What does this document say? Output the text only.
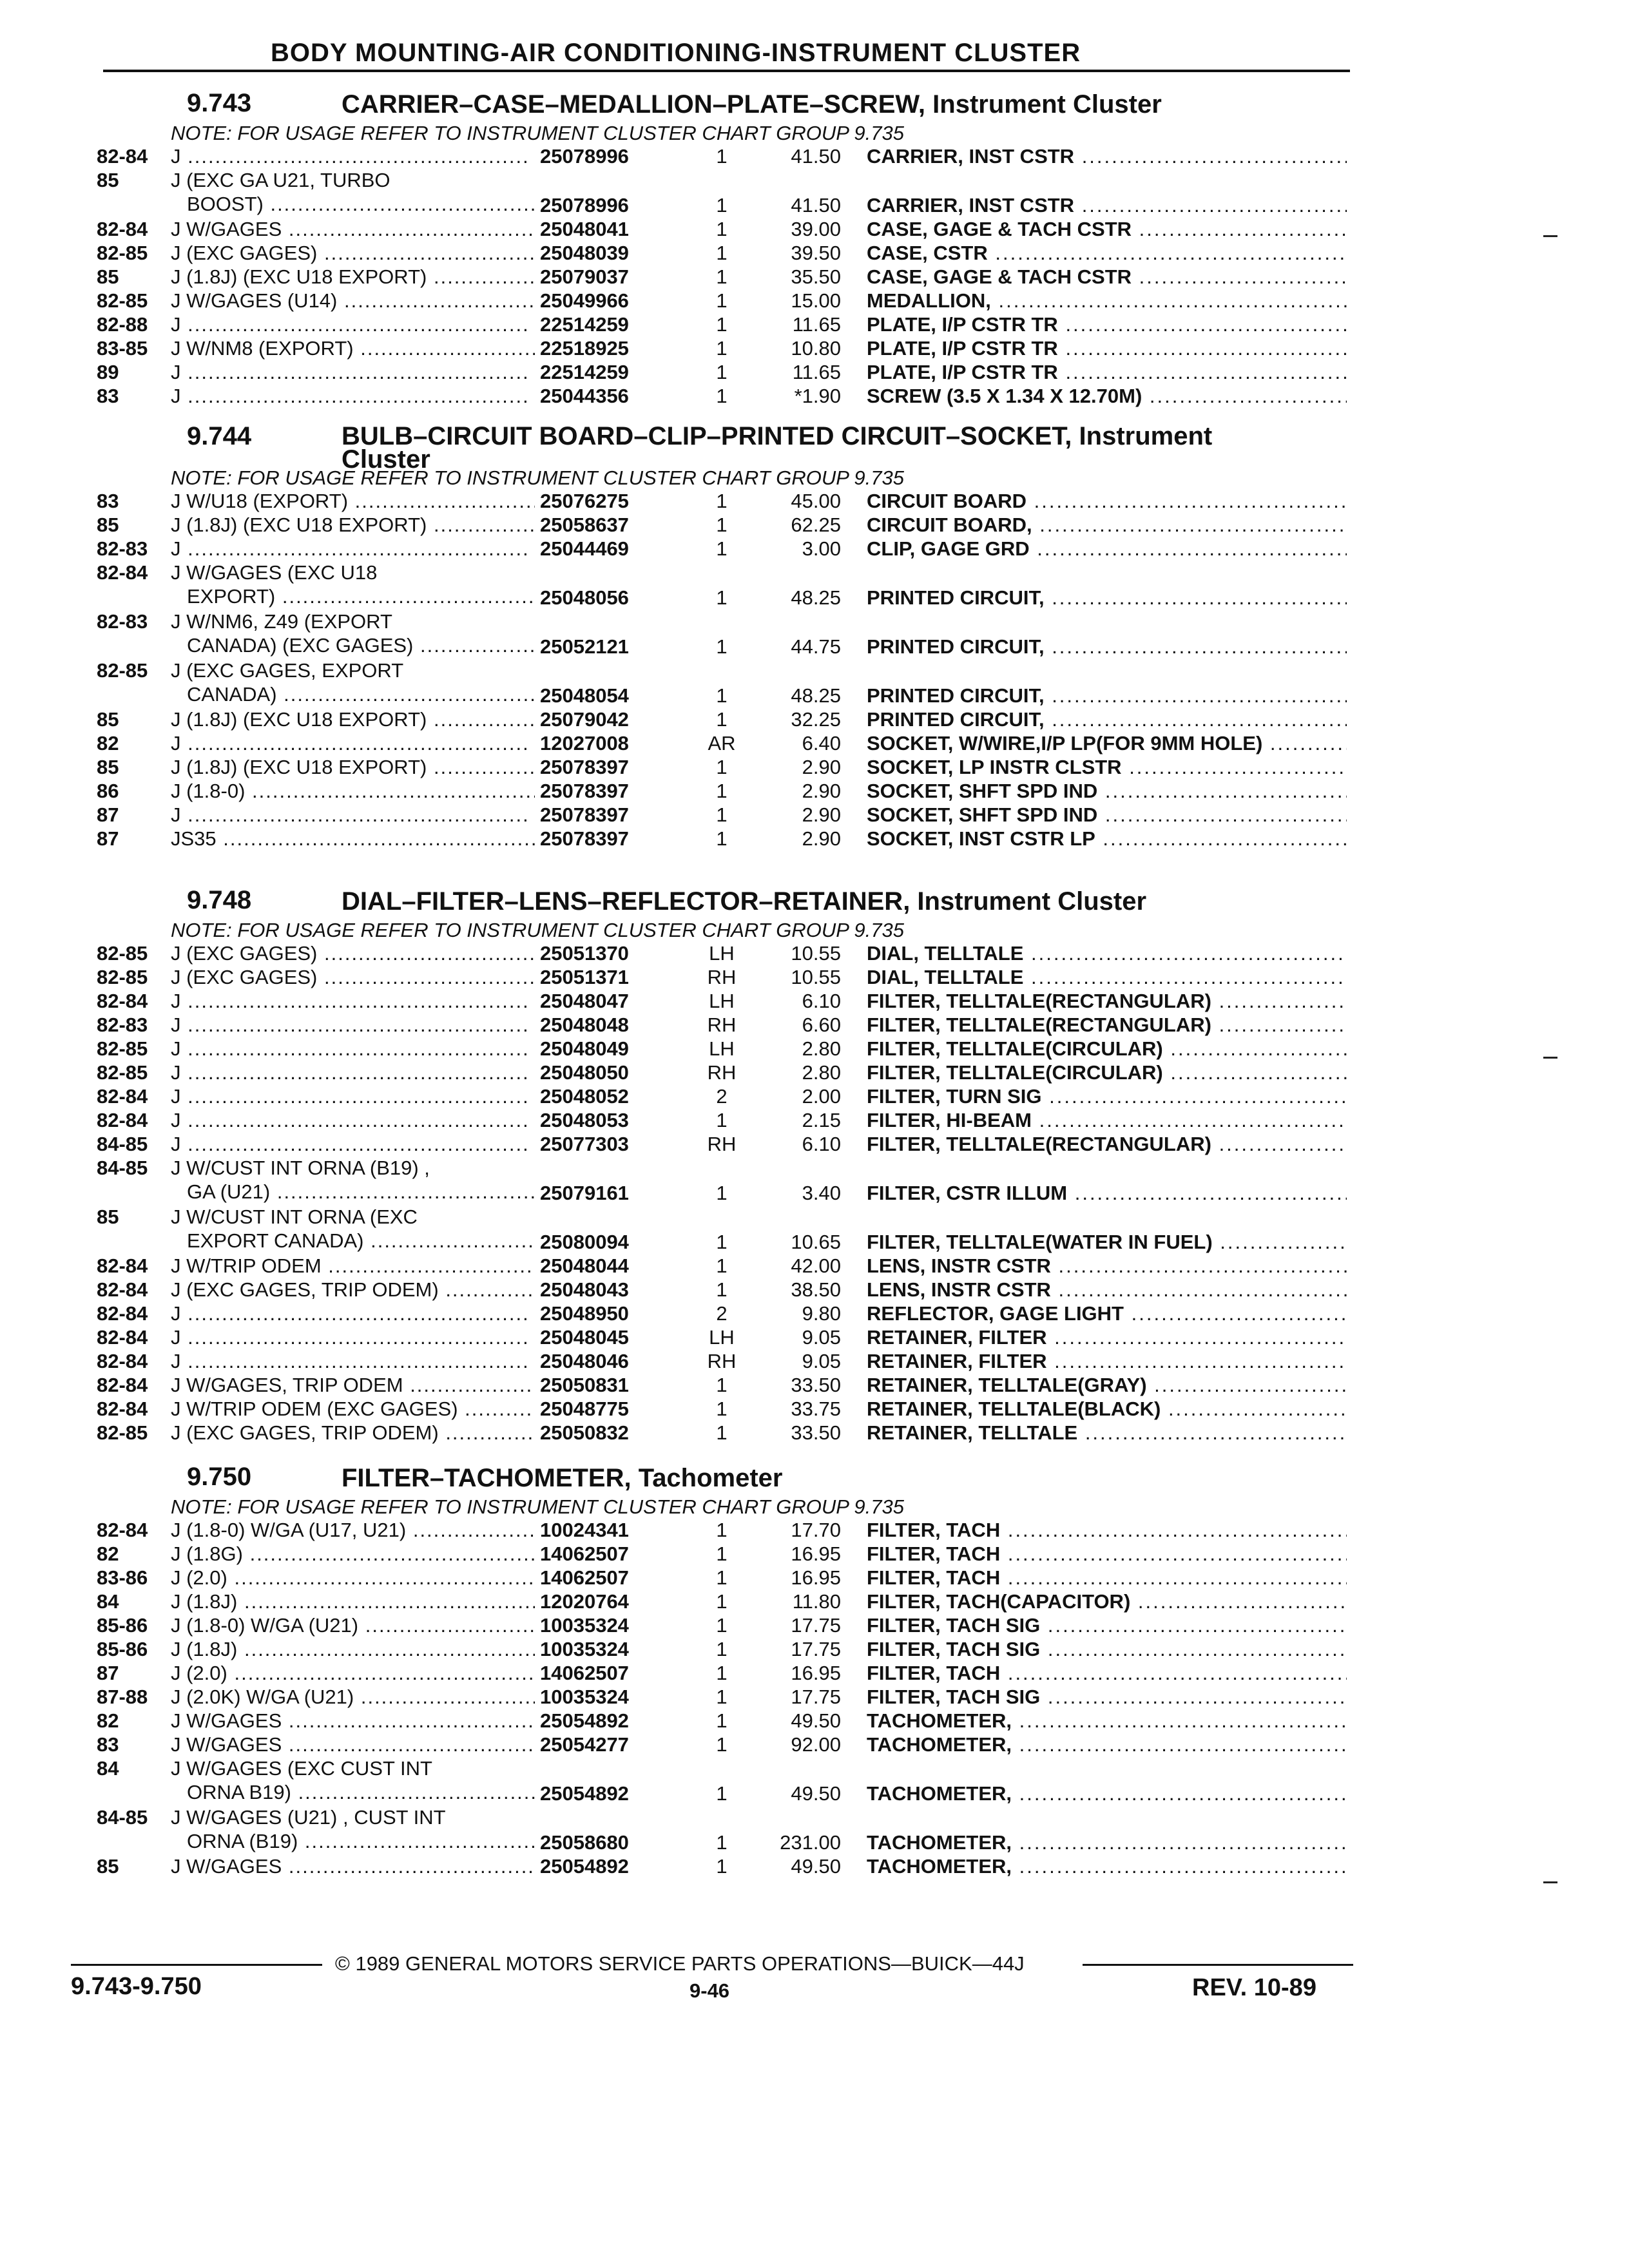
BODY MOUNTING-AIR CONDITIONING-INSTRUMENT CLUSTER
9.743	CARRIER–CASE–MEDALLION–PLATE–SCREW, Instrument Cluster
NOTE: FOR USAGE REFER TO INSTRUMENT CLUSTER CHART GROUP 9.735
82-84 J .....	25078996	1	41.50 CARRIER, INST CSTR .....
85	J (EXC GA U21, TURBO
BOOST) .....	25078996	1	41.50 CARRIER, INST CSTR .....
82-84 J W/GAGES .....	25048041	1	39.00 CASE, GAGE & TACH CSTR .....
82-85 J (EXC GAGES) .....	25048039	1	39.50 CASE, CSTR .....
85	J (1.8J) (EXC U18 EXPORT) .....	25079037	1	35.50 CASE, GAGE & TACH CSTR .....
82-85 J W/GAGES (U14) .....	25049966	1	15.00 MEDALLION, .....
82-88 J .....	22514259	1	11.65 PLATE, I/P CSTR TR .....
83-85 J W/NM8 (EXPORT) .....	22518925	1	10.80 PLATE, I/P CSTR TR .....
89	J .....	22514259	1	11.65 PLATE, I/P CSTR TR .....
83	J .....	25044356	1	*1.90 SCREW (3.5 X 1.34 X 12.70M) .....
9.744	BULB–CIRCUIT BOARD–CLIP–PRINTED CIRCUIT–SOCKET, Instrument Cluster
NOTE: FOR USAGE REFER TO INSTRUMENT CLUSTER CHART GROUP 9.735
83	J W/U18 (EXPORT) .....	25076275	1	45.00 CIRCUIT BOARD .....
85	J (1.8J) (EXC U18 EXPORT) .....	25058637	1	62.25 CIRCUIT BOARD, .....
82-83 J .....	25044469	1	3.00 CLIP, GAGE GRD .....
82-84 J W/GAGES (EXC U18
EXPORT) .....	25048056	1	48.25 PRINTED CIRCUIT, .....
82-83 J W/NM6, Z49 (EXPORT
CANADA) (EXC GAGES) .....	25052121	1	44.75 PRINTED CIRCUIT, .....
82-85 J (EXC GAGES, EXPORT
CANADA) .....	25048054	1	48.25 PRINTED CIRCUIT, .....
85	J (1.8J) (EXC U18 EXPORT) .....	25079042	1	32.25 PRINTED CIRCUIT, .....
82	J .....	12027008	AR	6.40 SOCKET, W/WIRE,I/P LP(FOR 9MM HOLE) .....
85	J (1.8J) (EXC U18 EXPORT) .....	25078397	1	2.90 SOCKET, LP INSTR CLSTR .....
86	J (1.8-0) .....	25078397	1	2.90 SOCKET, SHFT SPD IND .....
87	J .....	25078397	1	2.90 SOCKET, SHFT SPD IND .....
87	JS35 .....	25078397	1	2.90 SOCKET, INST CSTR LP .....
9.748	DIAL–FILTER–LENS–REFLECTOR–RETAINER, Instrument Cluster
NOTE: FOR USAGE REFER TO INSTRUMENT CLUSTER CHART GROUP 9.735
82-85 J (EXC GAGES) .....	25051370	LH	10.55 DIAL, TELLTALE .....
82-85 J (EXC GAGES) .....	25051371	RH	10.55 DIAL, TELLTALE .....
82-84 J .....	25048047	LH	6.10 FILTER, TELLTALE(RECTANGULAR) .....
82-83 J .....	25048048	RH	6.60 FILTER, TELLTALE(RECTANGULAR) .....
82-85 J .....	25048049	LH	2.80 FILTER, TELLTALE(CIRCULAR) .....
82-85 J .....	25048050	RH	2.80 FILTER, TELLTALE(CIRCULAR) .....
82-84 J .....	25048052	2	2.00 FILTER, TURN SIG .....
82-84 J .....	25048053	1	2.15 FILTER, HI-BEAM .....
84-85 J .....	25077303	RH	6.10 FILTER, TELLTALE(RECTANGULAR) .....
84-85 J W/CUST INT ORNA (B19) ,
GA (U21) .....	25079161	1	3.40 FILTER, CSTR ILLUM .....
85	J W/CUST INT ORNA (EXC
EXPORT CANADA) .....	25080094	1	10.65 FILTER, TELLTALE(WATER IN FUEL) .....
82-84 J W/TRIP ODEM .....	25048044	1	42.00 LENS, INSTR CSTR .....
82-84 J (EXC GAGES, TRIP ODEM) .....	25048043	1	38.50 LENS, INSTR CSTR .....
82-84 J .....	25048950	2	9.80 REFLECTOR, GAGE LIGHT .....
82-84 J .....	25048045	LH	9.05 RETAINER, FILTER .....
82-84 J .....	25048046	RH	9.05 RETAINER, FILTER .....
82-84 J W/GAGES, TRIP ODEM .....	25050831	1	33.50 RETAINER, TELLTALE(GRAY) .....
82-84 J W/TRIP ODEM (EXC GAGES) .....	25048775	1	33.75 RETAINER, TELLTALE(BLACK) .....
82-85 J (EXC GAGES, TRIP ODEM) .....	25050832	1	33.50 RETAINER, TELLTALE .....
9.750	FILTER–TACHOMETER, Tachometer
NOTE: FOR USAGE REFER TO INSTRUMENT CLUSTER CHART GROUP 9.735
82-84 J (1.8-0) W/GA (U17, U21) .....	10024341	1	17.70 FILTER, TACH .....
82	J (1.8G) .....	14062507	1	16.95 FILTER, TACH .....
83-86 J (2.0) .....	14062507	1	16.95 FILTER, TACH .....
84	J (1.8J) .....	12020764	1	11.80 FILTER, TACH(CAPACITOR) .....
85-86 J (1.8-0) W/GA (U21) .....	10035324	1	17.75 FILTER, TACH SIG .....
85-86 J (1.8J) .....	10035324	1	17.75 FILTER, TACH SIG .....
87	J (2.0) .....	14062507	1	16.95 FILTER, TACH .....
87-88 J (2.0K) W/GA (U21) .....	10035324	1	17.75 FILTER, TACH SIG .....
82	J W/GAGES .....	25054892	1	49.50 TACHOMETER, .....
83	J W/GAGES .....	25054277	1	92.00 TACHOMETER, .....
84	J W/GAGES (EXC CUST INT
ORNA B19) .....	25054892	1	49.50 TACHOMETER, .....
84-85 J W/GAGES (U21) , CUST INT
ORNA (B19) .....	25058680	1	231.00 TACHOMETER, .....
85	J W/GAGES .....	25054892	1	49.50 TACHOMETER, .....
© 1989 GENERAL MOTORS SERVICE PARTS OPERATIONS—BUICK—44J
9.743-9.750	9-46	REV. 10-89
